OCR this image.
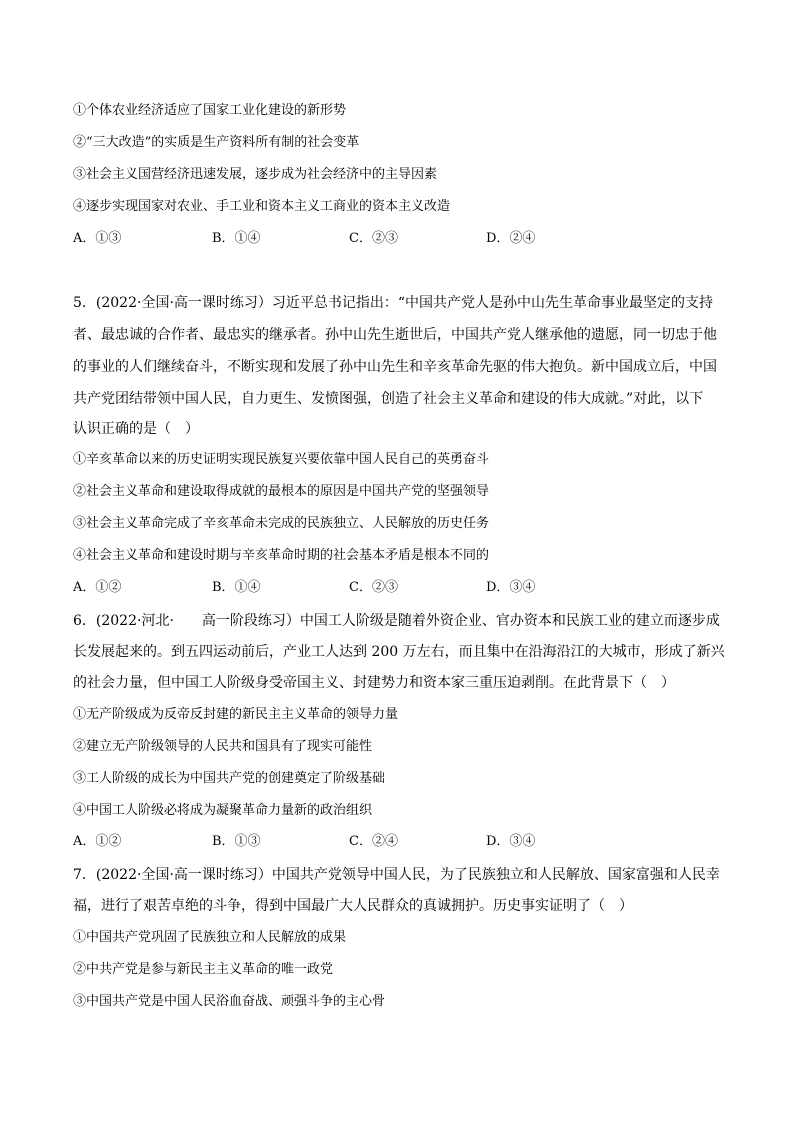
①个体农业经济适应了国家工业化建设的新形势
②“三大改造”的实质是生产资料所有制的社会变革
③社会主义国营经济迅速发展，逐步成为社会经济中的主导因素
④逐步实现国家对农业、手工业和资本主义工商业的资本主义改造
A．①③	B．①④	C．②③	D．②④
5．(2022·全国·高一课时练习）习近平总书记指出：“中国共产党人是孙中山先生革命事业最坚定的支持
者、最忠诚的合作者、最忠实的继承者。孙中山先生逝世后，中国共产党人继承他的遗愿，同一切忠于他
的事业的人们继续奋斗，不断实现和发展了孙中山先生和辛亥革命先驱的伟大抱负。新中国成立后，中国
共产党团结带领中国人民，自力更生、发愤图强，创造了社会主义革命和建设的伟大成就。”对此，以下
认识正确的是（　）
①辛亥革命以来的历史证明实现民族复兴要依靠中国人民自己的英勇奋斗
②社会主义革命和建设取得成就的最根本的原因是中国共产党的坚强领导
③社会主义革命完成了辛亥革命未完成的民族独立、人民解放的历史任务
④社会主义革命和建设时期与辛亥革命时期的社会基本矛盾是根本不同的
A．①②	B．①④	C．②③	D．③④
6．(2022·河北·　　高一阶段练习）中国工人阶级是随着外资企业、官办资本和民族工业的建立而逐步成
长发展起来的。到五四运动前后，产业工人达到 200 万左右，而且集中在沿海沿江的大城市，形成了新兴
的社会力量，但中国工人阶级身受帝国主义、封建势力和资本家三重压迫剥削。在此背景下（　）
①无产阶级成为反帝反封建的新民主主义革命的领导力量
②建立无产阶级领导的人民共和国具有了现实可能性
③工人阶级的成长为中国共产党的创建奠定了阶级基础
④中国工人阶级必将成为凝聚革命力量新的政治组织
A．①②	B．①③	C．②④	D．③④
7．(2022·全国·高一课时练习）中国共产党领导中国人民，为了民族独立和人民解放、国家富强和人民幸
福，进行了艰苦卓绝的斗争，得到中国最广大人民群众的真诚拥护。历史事实证明了（　）
①中国共产党巩固了民族独立和人民解放的成果
②中共产党是参与新民主主义革命的唯一政党
③中国共产党是中国人民浴血奋战、顽强斗争的主心骨
